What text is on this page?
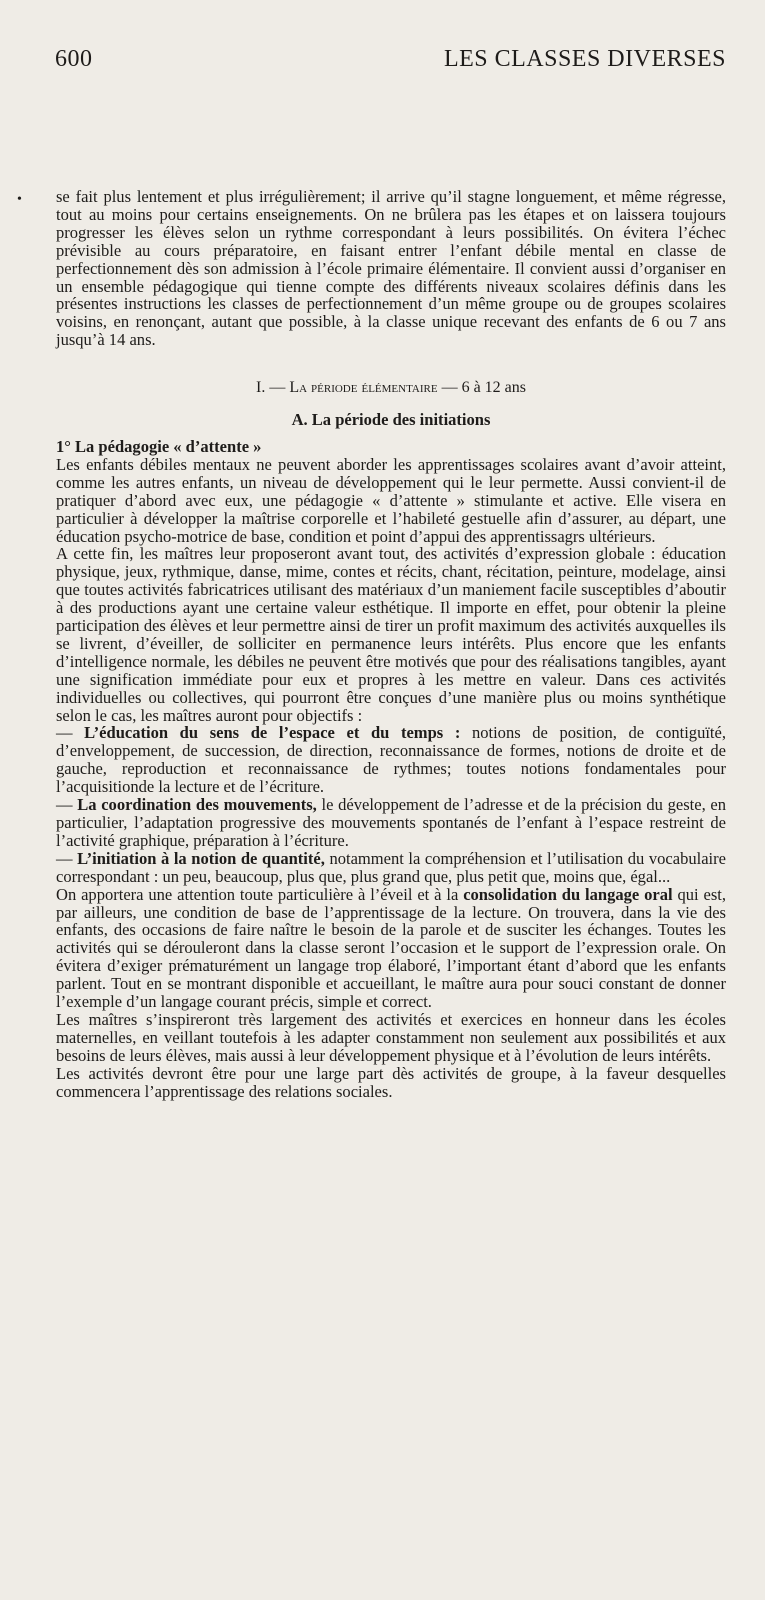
600	LES CLASSES DIVERSES
• se fait plus lentement et plus irrégulièrement; il arrive qu’il stagne longuement, et même régresse, tout au moins pour certains enseignements. On ne brûlera pas les étapes et on laissera toujours progresser les élèves selon un rythme correspondant à leurs possibilités. On évitera l’échec prévisible au cours préparatoire, en faisant entrer l’enfant débile mental en classe de perfectionnement dès son admission à l’école primaire élémentaire. Il convient aussi d’organiser en un ensemble pédagogique qui tienne compte des différents niveaux scolaires définis dans les présentes instructions les classes de perfectionnement d’un même groupe ou de groupes scolaires voisins, en renonçant, autant que possible, à la classe unique recevant des enfants de 6 ou 7 ans jusqu’à 14 ans.

I. — La période élémentaire — 6 à 12 ans

A. La période des initiations

1° La pédagogie « d’attente »

Les enfants débiles mentaux ne peuvent aborder les apprentissages scolaires avant d’avoir atteint, comme les autres enfants, un niveau de développement qui le leur permette. Aussi convient-il de pratiquer d’abord avec eux, une pédagogie « d’attente » stimulante et active. Elle visera en particulier à développer la maîtrise corporelle et l’habileté gestuelle afin d’assurer, au départ, une éducation psycho-motrice de base, condition et point d’appui des apprentissagrs ultérieurs.

A cette fin, les maîtres leur proposeront avant tout, des activités d’expression globale : éducation physique, jeux, rythmique, danse, mime, contes et récits, chant, récitation, peinture, modelage, ainsi que toutes activités fabricatrices utilisant des matériaux d’un maniement facile susceptibles d’aboutir à des productions ayant une certaine valeur esthétique. Il importe en effet, pour obtenir la pleine participation des élèves et leur permettre ainsi de tirer un profit maximum des activités auxquelles ils se livrent, d’éveiller, de solliciter en permanence leurs intérêts. Plus encore que les enfants d’intelligence normale, les débiles ne peuvent être motivés que pour des réalisations tangibles, ayant une signification immédiate pour eux et propres à les mettre en valeur. Dans ces activités individuelles ou collectives, qui pourront être conçues d’une manière plus ou moins synthétique selon le cas, les maîtres auront pour objectifs :

— L’éducation du sens de l’espace et du temps : notions de position, de contiguïté, d’enveloppement, de succession, de direction, reconnaissance de formes, notions de droite et de gauche, reproduction et reconnaissance de rythmes; toutes notions fondamentales pour l’acquisitionde la lecture et de l’écriture.

— La coordination des mouvements, le développement de l’adresse et de la précision du geste, en particulier, l’adaptation progressive des mouvements spontanés de l’enfant à l’espace restreint de l’activité graphique, préparation à l’écriture.

— L’initiation à la notion de quantité, notamment la compréhension et l’utilisation du vocabulaire correspondant : un peu, beaucoup, plus que, plus grand que, plus petit que, moins que, égal...

On apportera une attention toute particulière à l’éveil et à la consolidation du langage oral qui est, par ailleurs, une condition de base de l’apprentissage de la lecture. On trouvera, dans la vie des enfants, des occasions de faire naître le besoin de la parole et de susciter les échanges. Toutes les activités qui se dérouleront dans la classe seront l’occasion et le support de l’expression orale. On évitera d’exiger prématurément un langage trop élaboré, l’important étant d’abord que les enfants parlent. Tout en se montrant disponible et accueillant, le maître aura pour souci constant de donner l’exemple d’un langage courant précis, simple et correct.

Les maîtres s’inspireront très largement des activités et exercices en honneur dans les écoles maternelles, en veillant toutefois à les adapter constamment non seulement aux possibilités et aux besoins de leurs élèves, mais aussi à leur développement physique et à l’évolution de leurs intérêts.

Les activités devront être pour une large part dès activités de groupe, à la faveur desquelles commencera l’apprentissage des relations sociales.
